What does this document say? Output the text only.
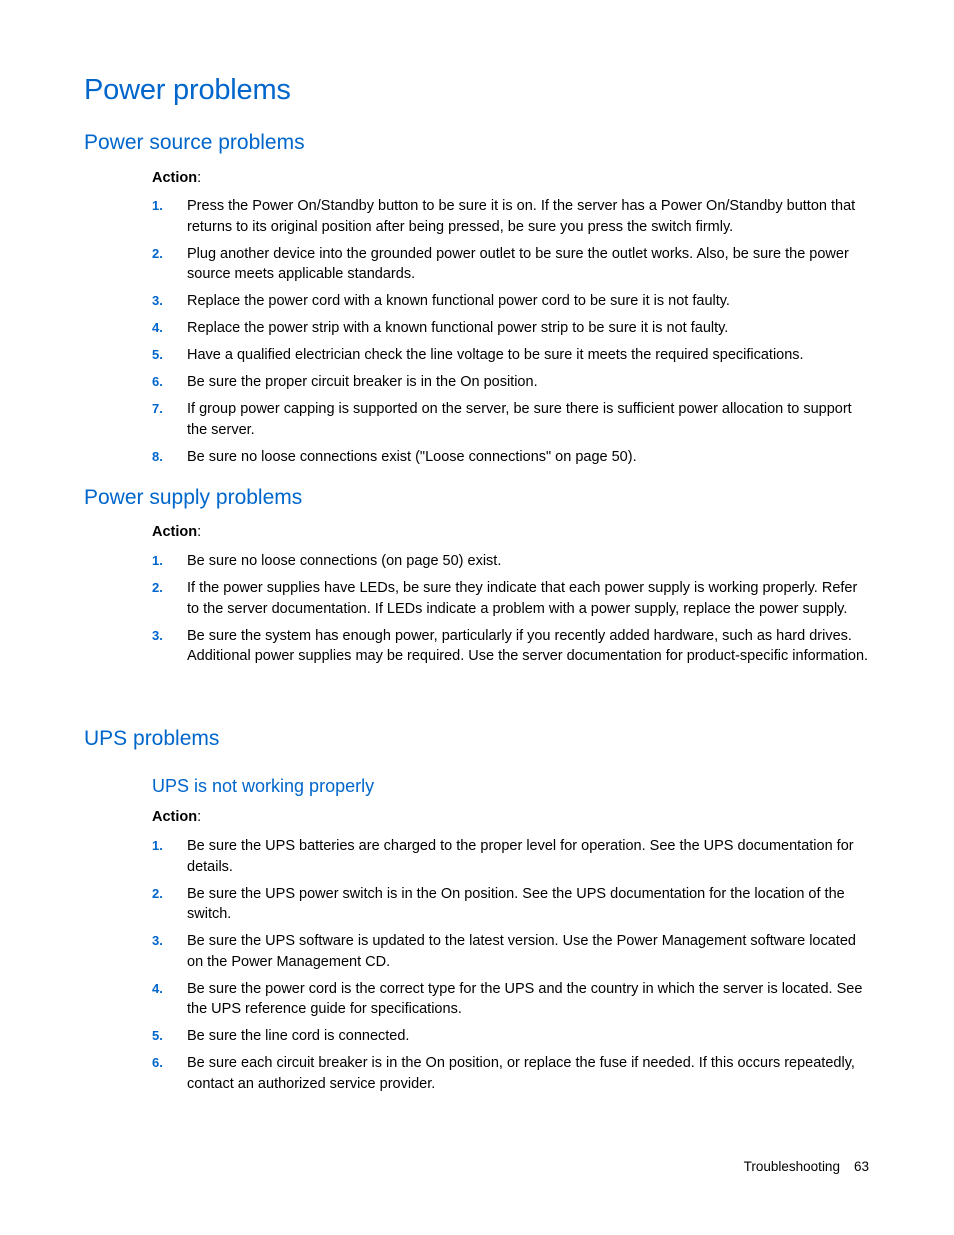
Power problems
Power source problems
Action:
1. Press the Power On/Standby button to be sure it is on. If the server has a Power On/Standby button that returns to its original position after being pressed, be sure you press the switch firmly.
2. Plug another device into the grounded power outlet to be sure the outlet works. Also, be sure the power source meets applicable standards.
3. Replace the power cord with a known functional power cord to be sure it is not faulty.
4. Replace the power strip with a known functional power strip to be sure it is not faulty.
5. Have a qualified electrician check the line voltage to be sure it meets the required specifications.
6. Be sure the proper circuit breaker is in the On position.
7. If group power capping is supported on the server, be sure there is sufficient power allocation to support the server.
8. Be sure no loose connections exist ("Loose connections" on page 50).
Power supply problems
Action:
1. Be sure no loose connections (on page 50) exist.
2. If the power supplies have LEDs, be sure they indicate that each power supply is working properly. Refer to the server documentation. If LEDs indicate a problem with a power supply, replace the power supply.
3. Be sure the system has enough power, particularly if you recently added hardware, such as hard drives. Additional power supplies may be required. Use the server documentation for product-specific information.
UPS problems
UPS is not working properly
Action:
1. Be sure the UPS batteries are charged to the proper level for operation. See the UPS documentation for details.
2. Be sure the UPS power switch is in the On position. See the UPS documentation for the location of the switch.
3. Be sure the UPS software is updated to the latest version. Use the Power Management software located on the Power Management CD.
4. Be sure the power cord is the correct type for the UPS and the country in which the server is located. See the UPS reference guide for specifications.
5. Be sure the line cord is connected.
6. Be sure each circuit breaker is in the On position, or replace the fuse if needed. If this occurs repeatedly, contact an authorized service provider.
Troubleshooting 63
